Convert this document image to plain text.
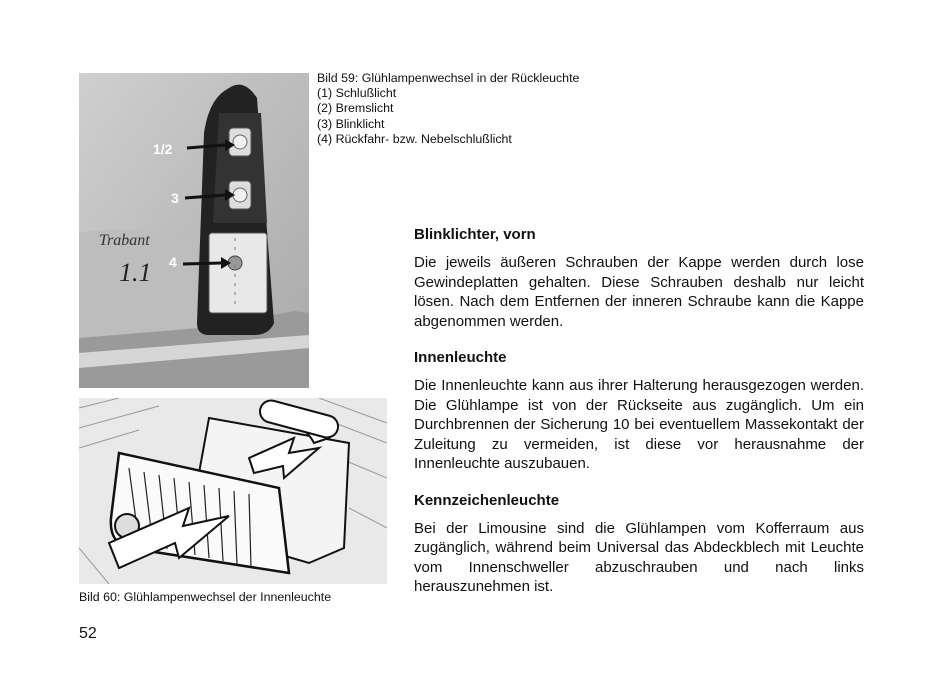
Trabant
1.1
1/2
3
4
Bild 59: Glühlampenwechsel in der Rückleuchte
(1) Schlußlicht
(2) Bremslicht
(3) Blinklicht
(4) Rückfahr- bzw. Nebelschlußlicht
Bild 60: Glühlampenwechsel der Innenleuchte
Blinklichter, vorn

Die jeweils äußeren Schrauben der Kappe werden durch lose Gewindeplatten gehalten. Diese Schrauben deshalb nur leicht lösen. Nach dem Entfernen der inneren Schraube kann die Kappe abgenommen werden.

Innenleuchte

Die Innenleuchte kann aus ihrer Halterung herausgezogen werden. Die Glühlampe ist von der Rückseite aus zugänglich. Um ein Durchbrennen der Sicherung 10 bei eventuellem Massekontakt der Zuleitung zu vermeiden, ist diese vor herausnahme der Innenleuchte auszubauen.

Kennzeichenleuchte

Bei der Limousine sind die Glühlampen vom Kofferraum aus zugänglich, während beim Universal das Abdeckblech mit Leuchte vom Innenschweller abzuschrauben und nach links herauszunehmen ist.

52
